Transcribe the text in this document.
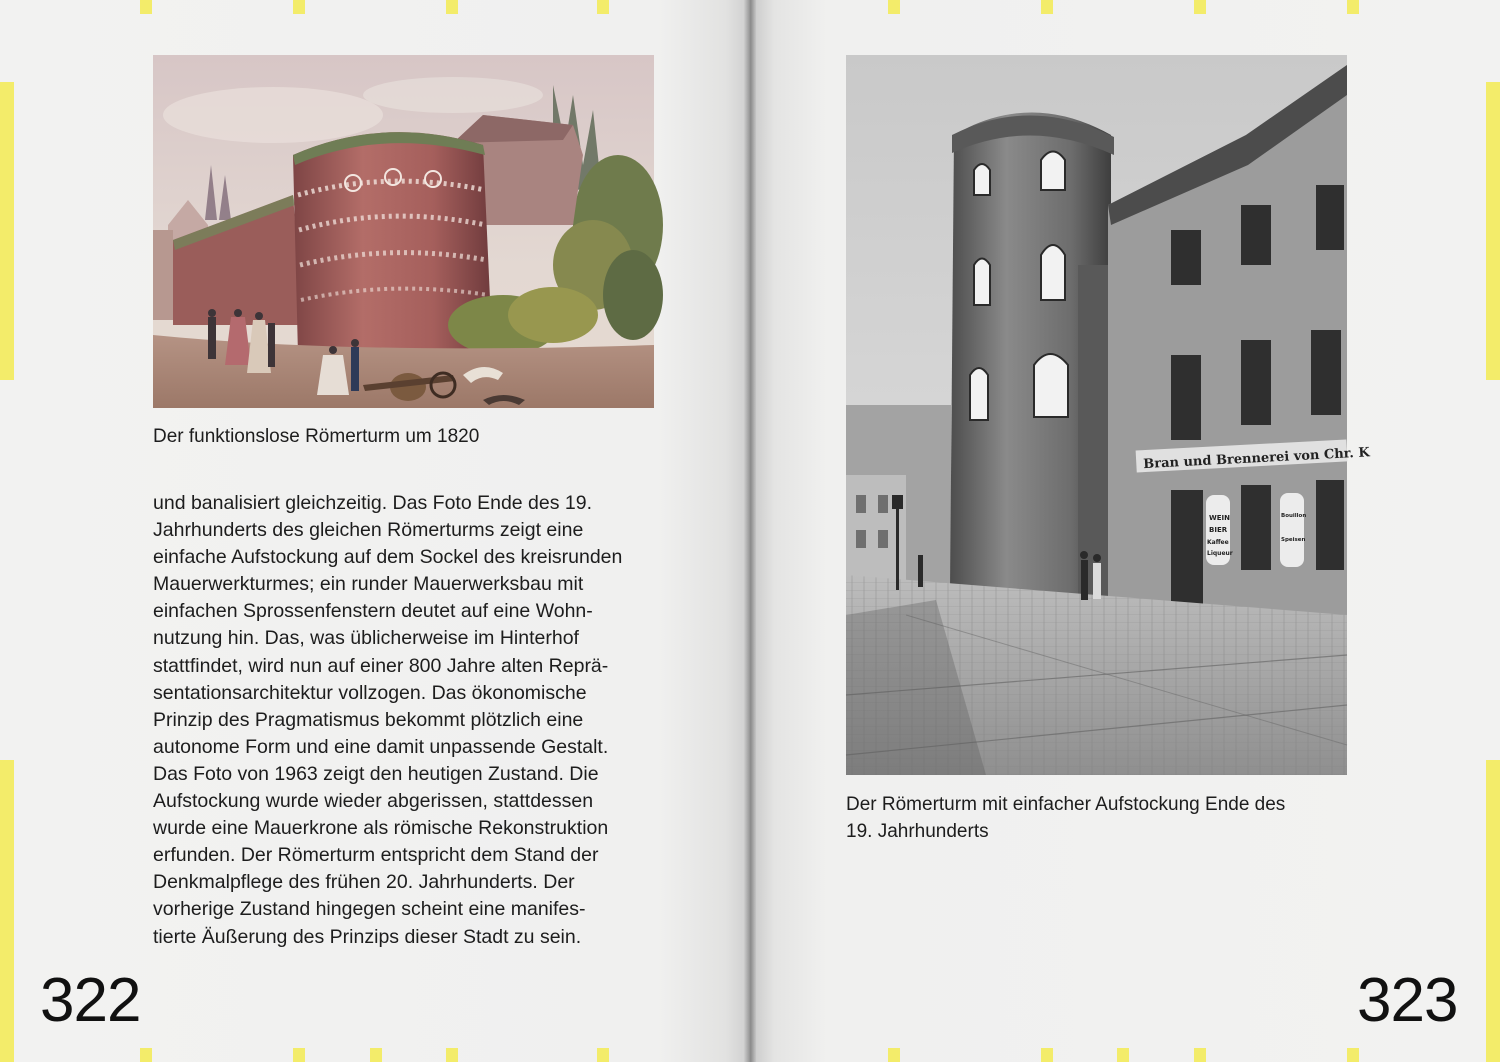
Der funktionslose Römerturm um 1820
und banalisiert gleichzeitig. Das Foto Ende des 19.
Jahrhunderts des gleichen Römerturms zeigt eine
einfache Aufstockung auf dem Sockel des kreisrunden
Mauerwerkturmes; ein runder Mauerwerksbau mit
einfachen Sprossenfenstern deutet auf eine Wohn-
nutzung hin. Das, was üblicherweise im Hinterhof
stattfindet, wird nun auf einer 800 Jahre alten Reprä-
sentationsarchitektur vollzogen. Das ökonomische
Prinzip des Pragmatismus bekommt plötzlich eine
autonome Form und eine damit unpassende Gestalt.
Das Foto von 1963 zeigt den heutigen Zustand. Die
Aufstockung wurde wieder abgerissen, stattdessen
wurde eine Mauerkrone als römische Rekonstruktion
erfunden. Der Römerturm entspricht dem Stand der
Denkmalpflege des frühen 20. Jahrhunderts. Der
vorherige Zustand hingegen scheint eine manifes-
tierte Äußerung des Prinzips dieser Stadt zu sein.
322
Bran und Brennerei von Chr. K
WEIN
BIER
Kaffee
Liqueur
Bouillon
Speisen
Der Römerturm mit einfacher Aufstockung Ende des
19. Jahrhunderts
323
